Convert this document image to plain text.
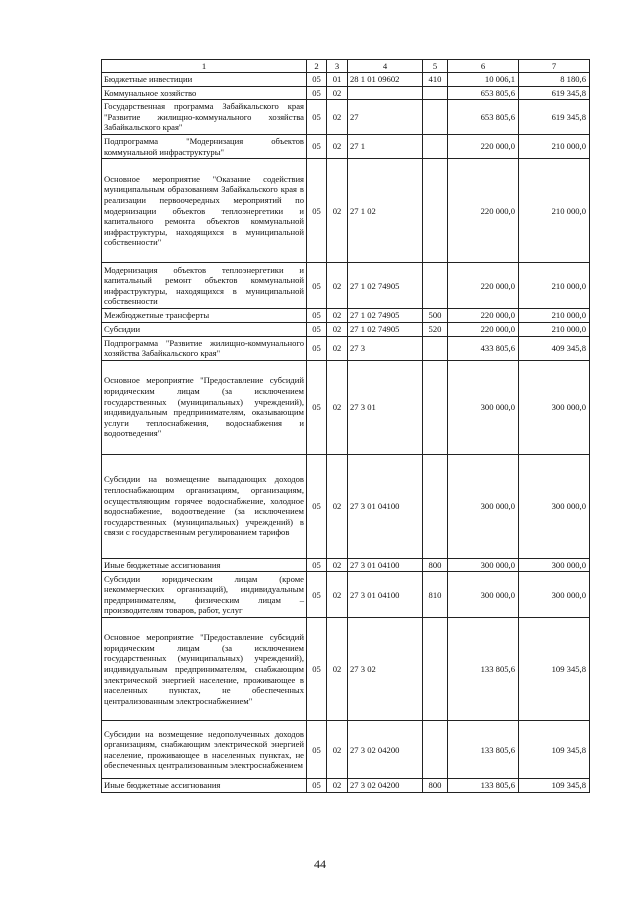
1	2	3	4	5	6	7
Бюджетные инвестиции	05	01	28 1 01 09602	410	10 006,1	8 180,6
Коммунальное хозяйство	05	02			653 805,6	619 345,8
Государственная программа Забайкальского края "Развитие жилищно-коммунального хозяйства Забайкальского края"	05	02	27		653 805,6	619 345,8
Подпрограмма "Модернизация объектов коммунальной инфраструктуры"	05	02	27 1		220 000,0	210 000,0
Основное мероприятие "Оказание содействия муниципальным образованиям Забайкальского края в реализации первоочередных мероприятий по модернизации объектов теплоэнергетики и капитального ремонта объектов коммунальной инфраструктуры, находящихся в муниципальной собственности"	05	02	27 1 02		220 000,0	210 000,0
Модернизация объектов теплоэнергетики и капитальный ремонт объектов коммунальной инфраструктуры, находящихся в муниципальной собственности	05	02	27 1 02 74905		220 000,0	210 000,0
Межбюджетные трансферты	05	02	27 1 02 74905	500	220 000,0	210 000,0
Субсидии	05	02	27 1 02 74905	520	220 000,0	210 000,0
Подпрограмма "Развитие жилищно-коммунального хозяйства Забайкальского края"	05	02	27 3		433 805,6	409 345,8
Основное мероприятие "Предоставление субсидий юридическим лицам (за исключением государственных (муниципальных) учреждений), индивидуальным предпринимателям, оказывающим услуги теплоснабжения, водоснабжения и водоотведения"	05	02	27 3 01		300 000,0	300 000,0
Субсидии на возмещение выпадающих доходов теплоснабжающим организациям, организациям, осуществляющим горячее водоснабжение, холодное водоснабжение, водоотведение (за исключением государственных (муниципальных) учреждений) в связи с государственным регулированием тарифов	05	02	27 3 01 04100		300 000,0	300 000,0
Иные бюджетные ассигнования	05	02	27 3 01 04100	800	300 000,0	300 000,0
Субсидии юридическим лицам (кроме некоммерческих организаций), индивидуальным предпринимателям, физическим лицам – производителям товаров, работ, услуг	05	02	27 3 01 04100	810	300 000,0	300 000,0
Основное мероприятие "Предоставление субсидий юридическим лицам (за исключением государственных (муниципальных) учреждений), индивидуальным предпринимателям, снабжающим электрической энергией население, проживающее в населенных пунктах, не обеспеченных централизованным электроснабжением"	05	02	27 3 02		133 805,6	109 345,8
Субсидии на возмещение недополученных доходов организациям, снабжающим электрической энергией население, проживающее в населенных пунктах, не обеспеченных централизованным электроснабжением	05	02	27 3 02 04200		133 805,6	109 345,8
Иные бюджетные ассигнования	05	02	27 3 02 04200	800	133 805,6	109 345,8
44
